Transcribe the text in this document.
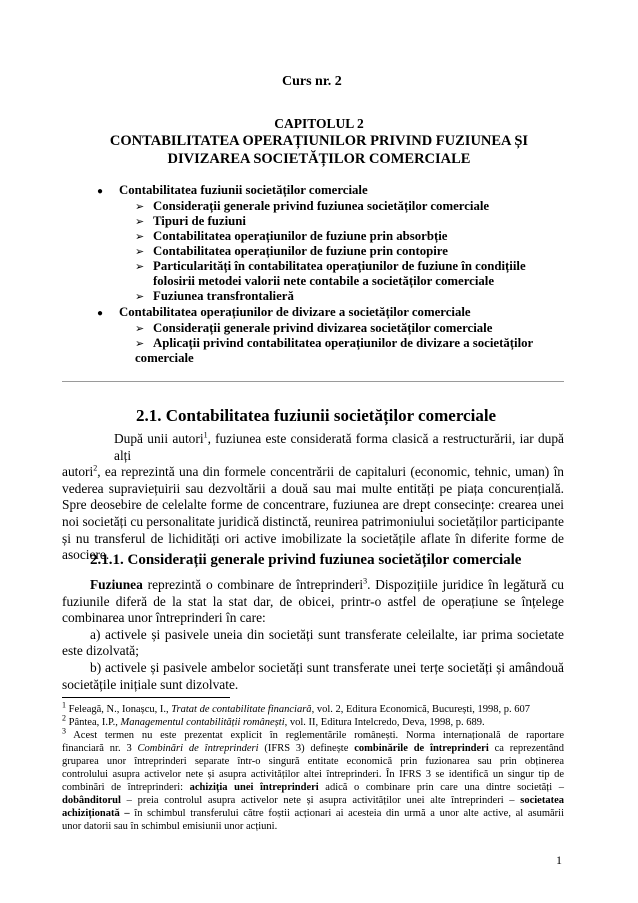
Curs nr. 2
CAPITOLUL 2
CONTABILITATEA OPERAȚIUNILOR PRIVIND FUZIUNEA ȘI
DIVIZAREA SOCIETĂȚILOR COMERCIALE
● Contabilitatea fuziunii societăților comerciale
➢ Considerații generale privind fuziunea societăților comerciale
➢ Tipuri de fuziuni
➢ Contabilitatea operațiunilor de fuziune prin absorbție
➢ Contabilitatea operațiunilor de fuziune prin contopire
➢ Particularități în contabilitatea operațiunilor de fuziune în condițiile
folosirii metodei valorii nete contabile a societăților comerciale
➢ Fuziunea transfrontalieră
● Contabilitatea operațiunilor de divizare a societăților comerciale
➢ Considerații generale privind divizarea societăților comerciale
➢ Aplicații privind contabilitatea operațiunilor de divizare a societăților
comerciale
2.1. Contabilitatea fuziunii societăților comerciale
După unii autori$^1$, fuziunea este considerată forma clasică a restructurării, iar după alți
autori$^2$, ea reprezintă una din formele concentrării de capitaluri (economic, tehnic, uman) în
vederea supraviețuirii sau dezvoltării a două sau mai multe entități pe piața concurențială.
Spre deosebire de celelalte forme de concentrare, fuziunea are drept consecințe: crearea unei
noi societăți cu personalitate juridică distinctă, reunirea patrimoniului societăților participante
și nu transferul de lichidități ori active imobilizate la societățile aflate în diferite forme de
asociere.
2.1.1. Considerații generale privind fuziunea societăților comerciale
Fuziunea reprezintă o combinare de întreprinderi$^3$. Dispozițiile juridice în legătură cu
fuziunile diferă de la stat la stat dar, de obicei, printr-o astfel de operațiune se înțelege
combinarea unor întreprinderi în care:
a) activele și pasivele uneia din societăți sunt transferate celeilalte, iar prima societate
este dizolvată;
b) activele și pasivele ambelor societăți sunt transferate unei terțe societăți și amândouă
societățile inițiale sunt dizolvate.
$^1$ Feleagă, N., Ionașcu, I., Tratat de contabilitate financiară, vol. 2, Editura Economică, București, 1998, p. 607
$^2$ Pântea, I.P., Managementul contabilității românești, vol. II, Editura Intelcredo, Deva, 1998, p. 689.
$^3$ Acest termen nu este prezentat explicit în reglementările românești. Norma internațională de raportare
financiară nr. 3 Combinări de întreprinderi (IFRS 3) definește combinările de întreprinderi ca reprezentând
gruparea unor întreprinderi separate într-o singură entitate economică prin fuzionarea sau prin obținerea
controlului asupra activelor nete și asupra activităților altei întreprinderi. În IFRS 3 se identifică un singur tip de
combinări de întreprinderi: achiziția unei întreprinderi adică o combinare prin care una dintre societăți –
dobânditorul – preia controlul asupra activelor nete și asupra activităților unei alte întreprinderi – societatea
achiziționată – în schimbul transferului către foștii acționari ai acesteia din urmă a unor alte active, al asumării
unor datorii sau în schimbul emisiunii unor acțiuni.
1
